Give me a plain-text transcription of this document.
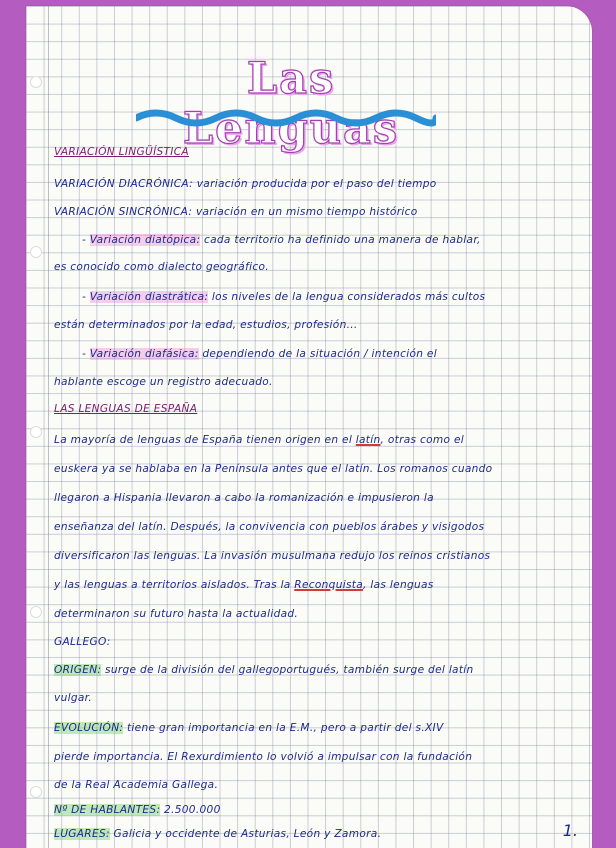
Las Lenguas

VARIACIÓN LINGÜÍSTICA

VARIACIÓN DIACRÓNICA: variación producida por el paso del tiempo

VARIACIÓN SINCRÓNICA: variación en un mismo tiempo histórico

- Variación diatópica: cada territorio ha definido una manera de hablar,

es conocido como dialecto geográfico.

- Variación diastrática: los niveles de la lengua considerados más cultos

están determinados por la edad, estudios, profesión...

- Variación diafásica: dependiendo de la situación / intención el

hablante escoge un registro adecuado.

LAS LENGUAS DE ESPAÑA

La mayoría de lenguas de España tienen origen en el latín, otras como el

euskera ya se hablaba en la Península antes que el latín. Los romanos cuando

llegaron a Hispania llevaron a cabo la romanización e impusieron la

enseñanza del latín. Después, la convivencia con pueblos árabes y visigodos

diversificaron las lenguas. La invasión musulmana redujo los reinos cristianos

y las lenguas a territorios aislados. Tras la Reconquista, las lenguas

determinaron su futuro hasta la actualidad.

GALLEGO:

ORIGEN: surge de la división del gallegoportugués, también surge del latín

vulgar.

EVOLUCIÓN: tiene gran importancia en la E.M., pero a partir del s.XIV

pierde importancia. El Rexurdimiento lo volvió a impulsar con la fundación

de la Real Academia Gallega.

Nº DE HABLANTES: 2.500.000

LUGARES: Galicia y occidente de Asturias, León y Zamora.	1.
